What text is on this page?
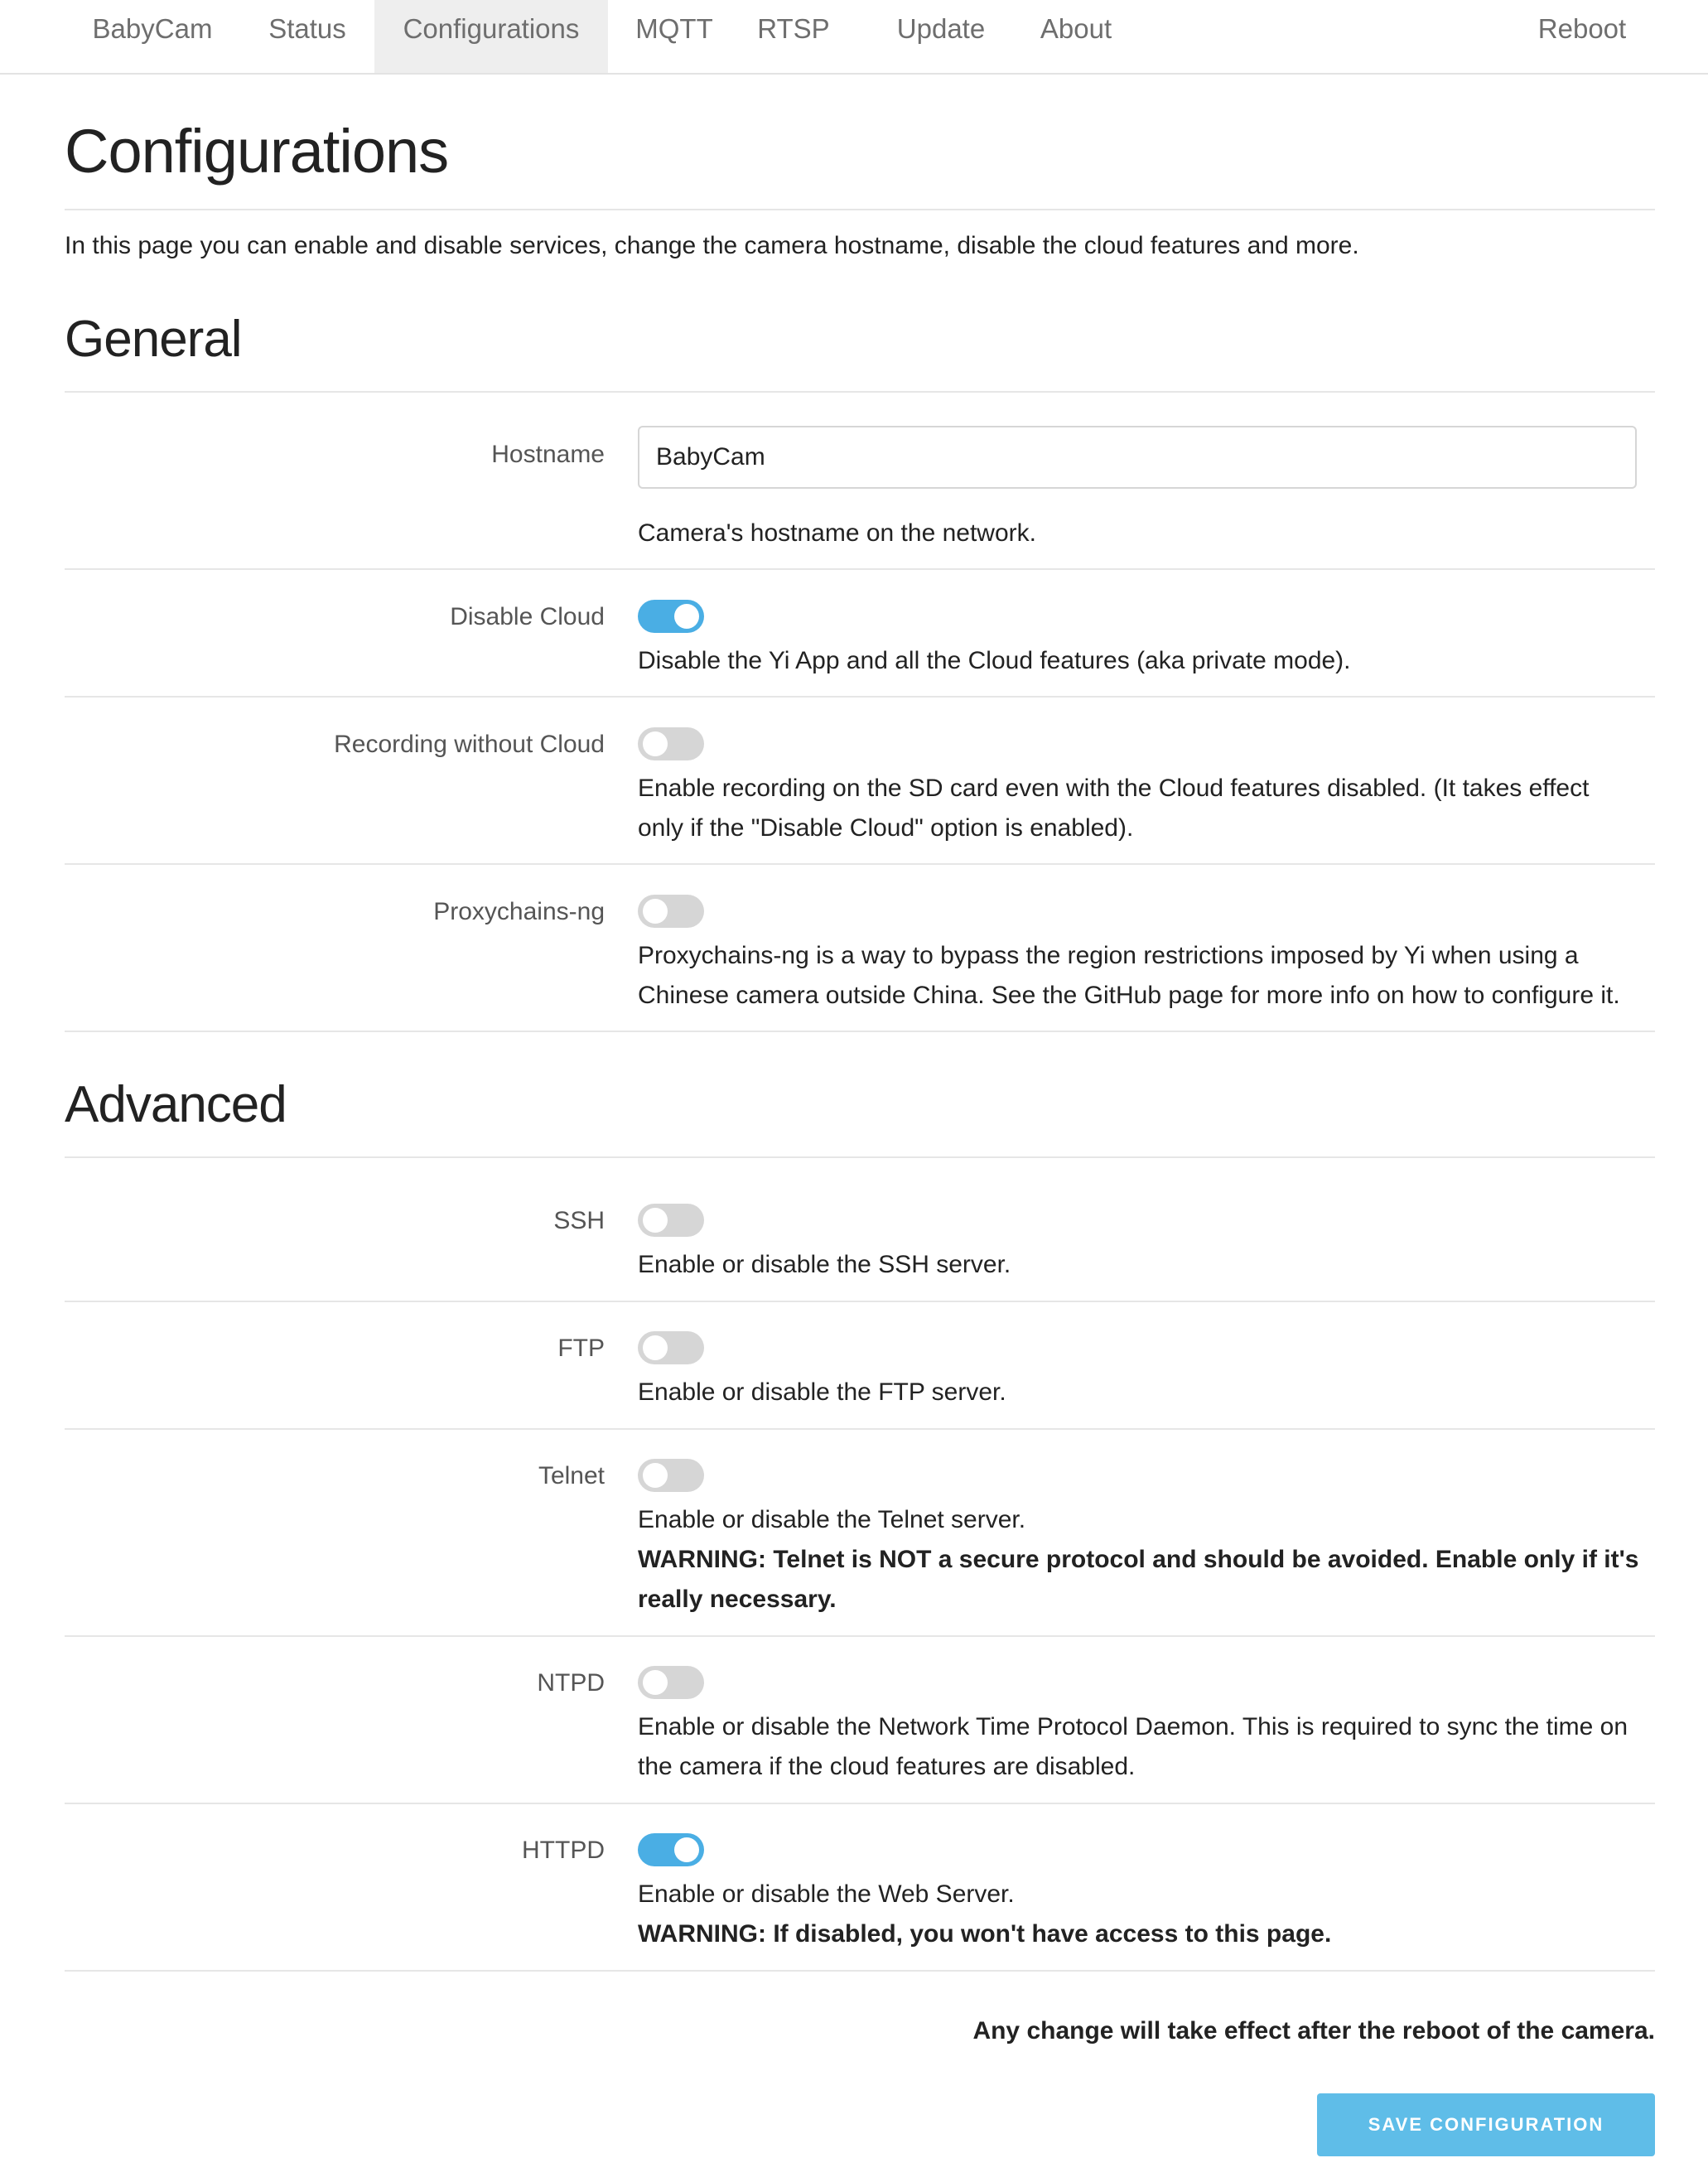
BabyCam	Status	Configurations	MQTT	RTSP	Update	About	Reboot
Configurations
In this page you can enable and disable services, change the camera hostname, disable the cloud features and more.
General
Hostname
BabyCam
Camera's hostname on the network.
Disable Cloud
Disable the Yi App and all the Cloud features (aka private mode).
Recording without Cloud
Enable recording on the SD card even with the Cloud features disabled. (It takes effect only if the "Disable Cloud" option is enabled).
Proxychains-ng
Proxychains-ng is a way to bypass the region restrictions imposed by Yi when using a Chinese camera outside China. See the GitHub page for more info on how to configure it.
Advanced
SSH
Enable or disable the SSH server.
FTP
Enable or disable the FTP server.
Telnet
Enable or disable the Telnet server.
WARNING: Telnet is NOT a secure protocol and should be avoided. Enable only if it's really necessary.
NTPD
Enable or disable the Network Time Protocol Daemon. This is required to sync the time on the camera if the cloud features are disabled.
HTTPD
Enable or disable the Web Server.
WARNING: If disabled, you won't have access to this page.
Any change will take effect after the reboot of the camera.
SAVE CONFIGURATION
